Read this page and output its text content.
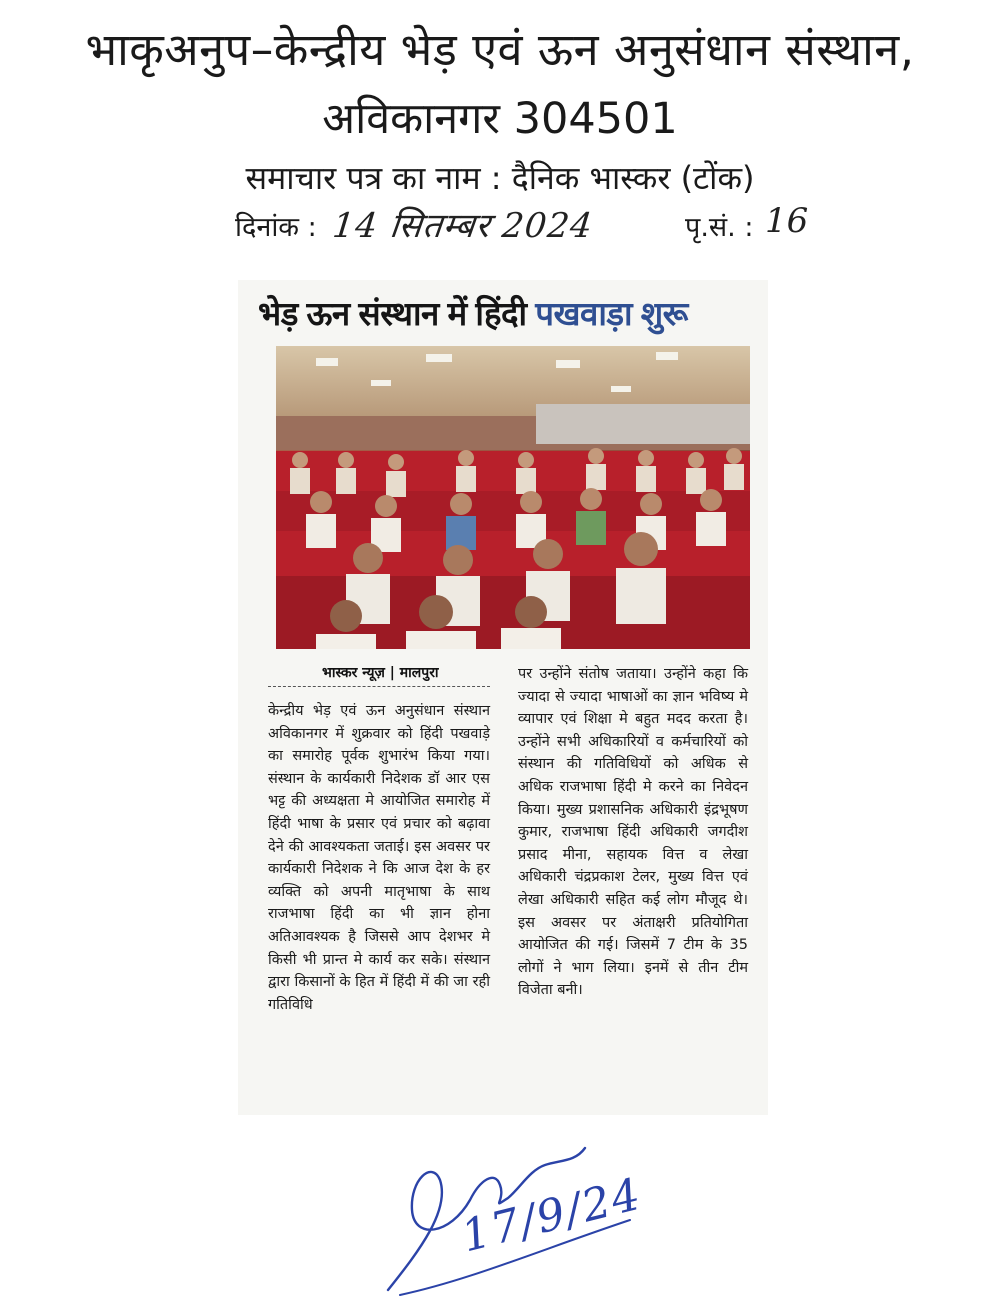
भाकृअनुप–केन्द्रीय भेड़ एवं ऊन अनुसंधान संस्थान,
अविकानगर 304501
समाचार पत्र का नाम : दैनिक भास्कर (टोंक)
दिनांक : 14 सितम्बर 2024	पृ.सं. : 16
भेड़ ऊन संस्थान में हिंदी पखवाड़ा शुरू
भास्कर न्यूज़ | मालपुरा

केन्द्रीय भेड़ एवं ऊन अनुसंधान संस्थान अविकानगर में शुक्रवार को हिंदी पखवाड़े का समारोह पूर्वक शुभारंभ किया गया। संस्थान के कार्यकारी निदेशक डॉ आर एस भट्ट की अध्यक्षता मे आयोजित समारोह में हिंदी भाषा के प्रसार एवं प्रचार को बढ़ावा देने की आवश्यकता जताई। इस अवसर पर कार्यकारी निदेशक ने कि आज देश के हर व्यक्ति को अपनी मातृभाषा के साथ राजभाषा हिंदी का भी ज्ञान होना अतिआवश्यक है जिससे आप देशभर मे किसी भी प्रान्त मे कार्य कर सके। संस्थान द्वारा किसानों के हित में हिंदी में की जा रही गतिविधि

पर उन्होंने संतोष जताया। उन्होंने कहा कि ज्यादा से ज्यादा भाषाओं का ज्ञान भविष्य मे व्यापार एवं शिक्षा मे बहुत मदद करता है। उन्होंने सभी अधिकारियों व कर्मचारियों को संस्थान की गतिविधियों को अधिक से अधिक राजभाषा हिंदी मे करने का निवेदन किया। मुख्य प्रशासनिक अधिकारी इंद्रभूषण कुमार, राजभाषा हिंदी अधिकारी जगदीश प्रसाद मीना, सहायक वित्त व लेखा अधिकारी चंद्रप्रकाश टेलर, मुख्य वित्त एवं लेखा अधिकारी सहित कई लोग मौजूद थे। इस अवसर पर अंताक्षरी प्रतियोगिता आयोजित की गई। जिसमें 7 टीम के 35 लोगों ने भाग लिया। इनमें से तीन टीम विजेता बनी।

17/9/24
